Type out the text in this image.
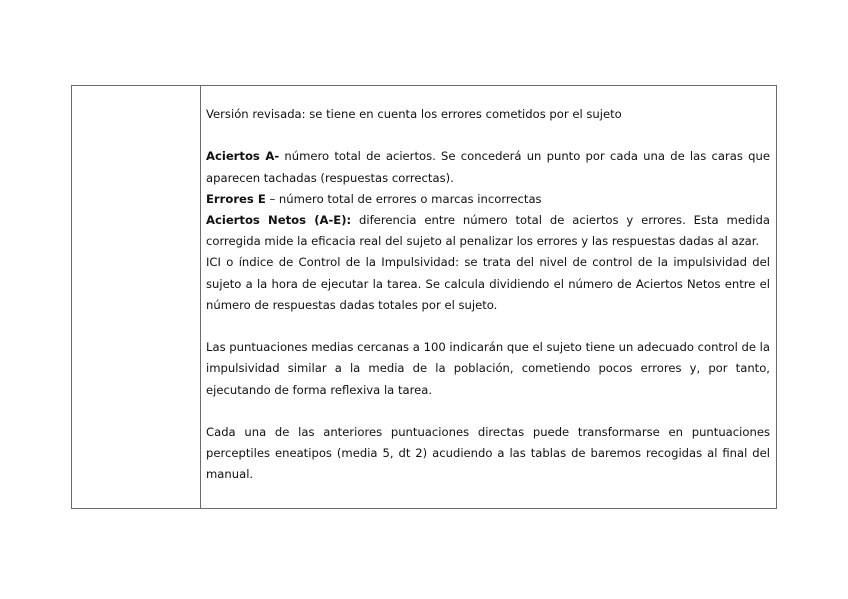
Versión revisada: se tiene en cuenta los errores cometidos por el sujeto

Aciertos A- número total de aciertos. Se concederá un punto por cada una de las caras que aparecen tachadas (respuestas correctas).

Errores E – número total de errores o marcas incorrectas

Aciertos Netos (A-E): diferencia entre número total de aciertos y errores. Esta medida corregida mide la eficacia real del sujeto al penalizar los errores y las respuestas dadas al azar.

ICI o índice de Control de la Impulsividad: se trata del nivel de control de la impulsividad del sujeto a la hora de ejecutar la tarea. Se calcula dividiendo el número de Aciertos Netos entre el número de respuestas dadas totales por el sujeto.

Las puntuaciones medias cercanas a 100 indicarán que el sujeto tiene un adecuado control de la impulsividad similar a la media de la población, cometiendo pocos errores y, por tanto, ejecutando de forma reflexiva la tarea.

Cada una de las anteriores puntuaciones directas puede transformarse en puntuaciones perceptiles eneatipos (media 5, dt 2) acudiendo a las tablas de baremos recogidas al final del manual.
